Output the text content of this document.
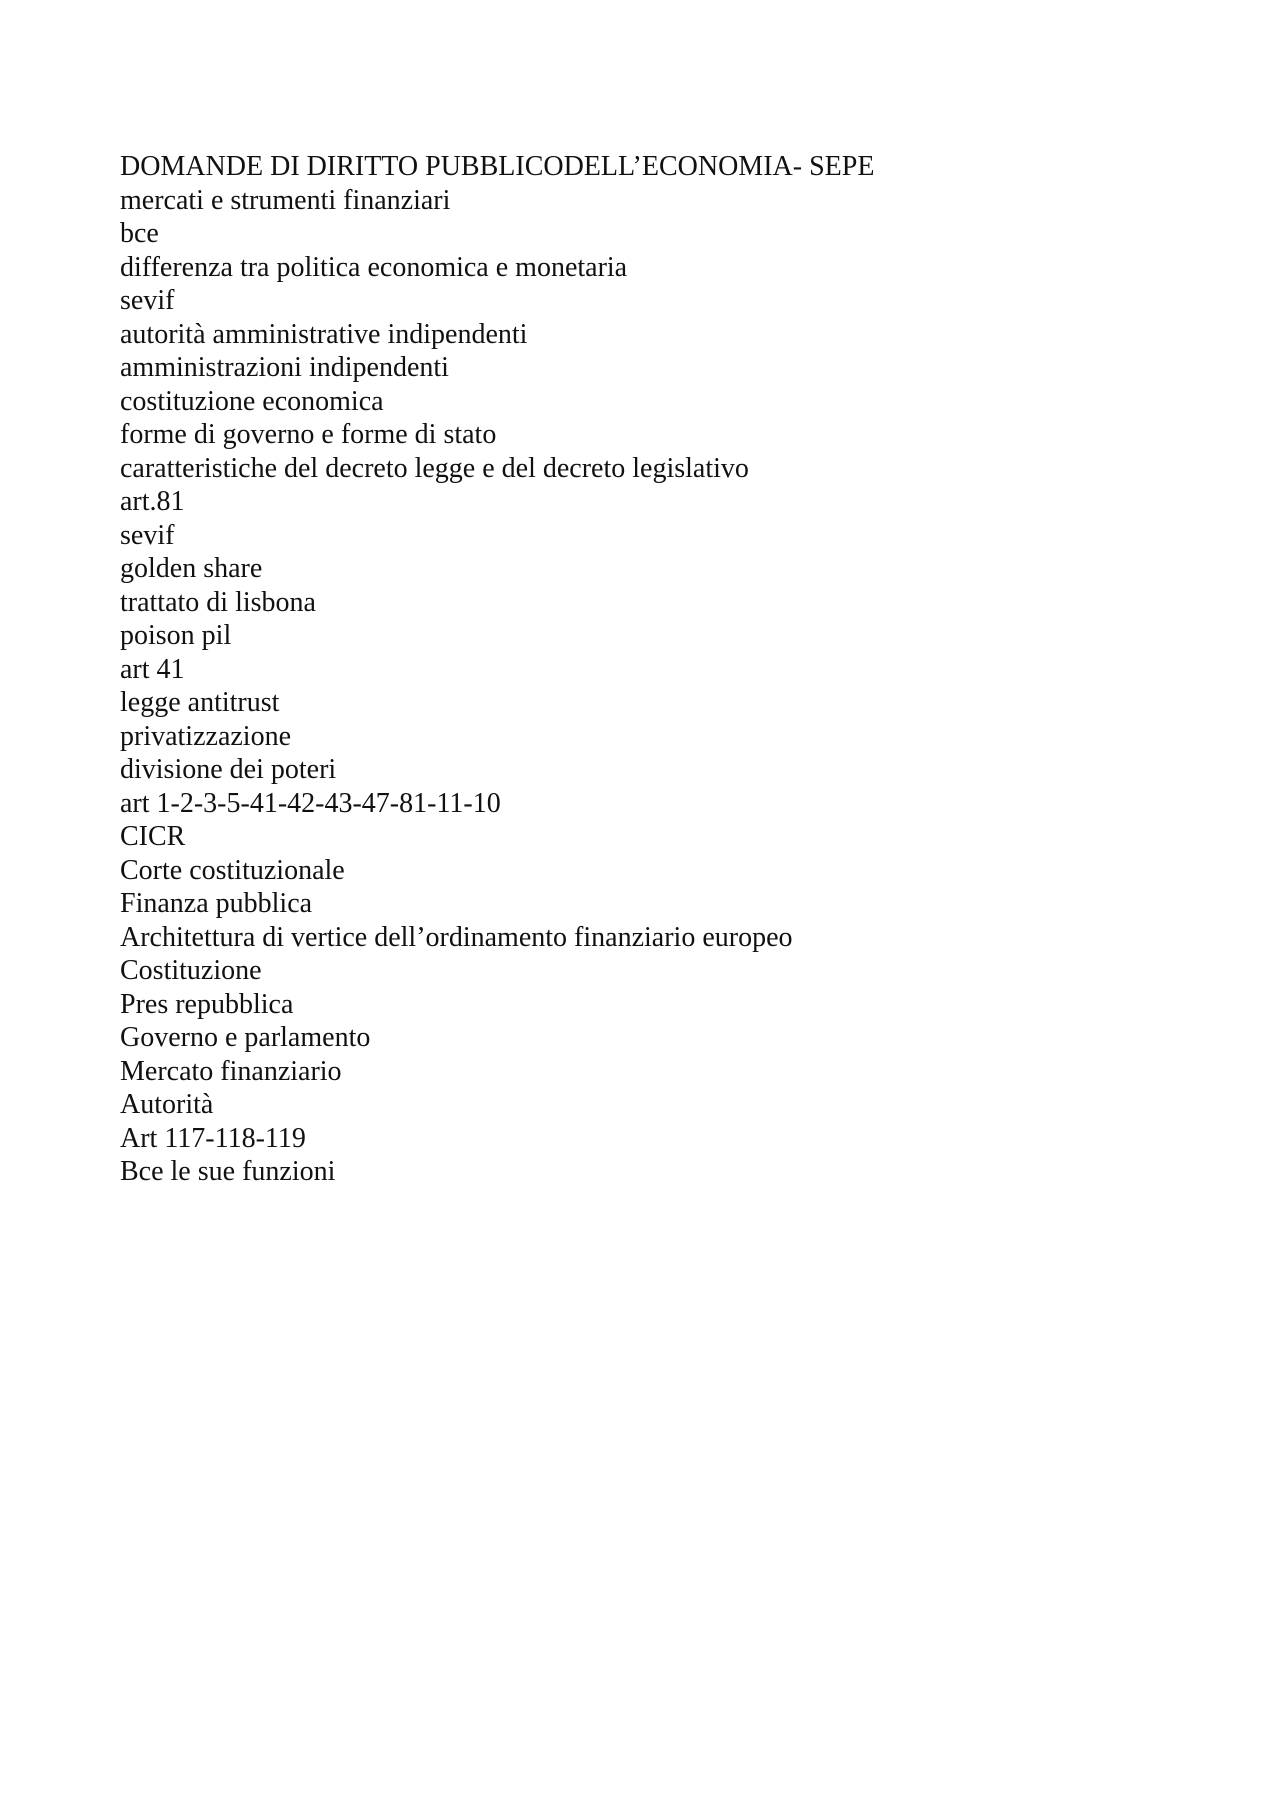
DOMANDE DI DIRITTO PUBBLICODELL’ECONOMIA- SEPE
mercati e strumenti finanziari
bce
differenza tra politica economica e monetaria
sevif
autorità amministrative indipendenti
amministrazioni indipendenti
costituzione economica
forme di governo e forme di stato
caratteristiche del decreto legge e del decreto legislativo
art.81
sevif
golden share
trattato di lisbona
poison pil
art 41
legge antitrust
privatizzazione
divisione dei poteri
art 1-2-3-5-41-42-43-47-81-11-10
CICR
Corte costituzionale
Finanza pubblica
Architettura di vertice dell’ordinamento finanziario europeo
Costituzione
Pres repubblica
Governo e parlamento
Mercato finanziario
Autorità
Art 117-118-119
Bce le sue funzioni
